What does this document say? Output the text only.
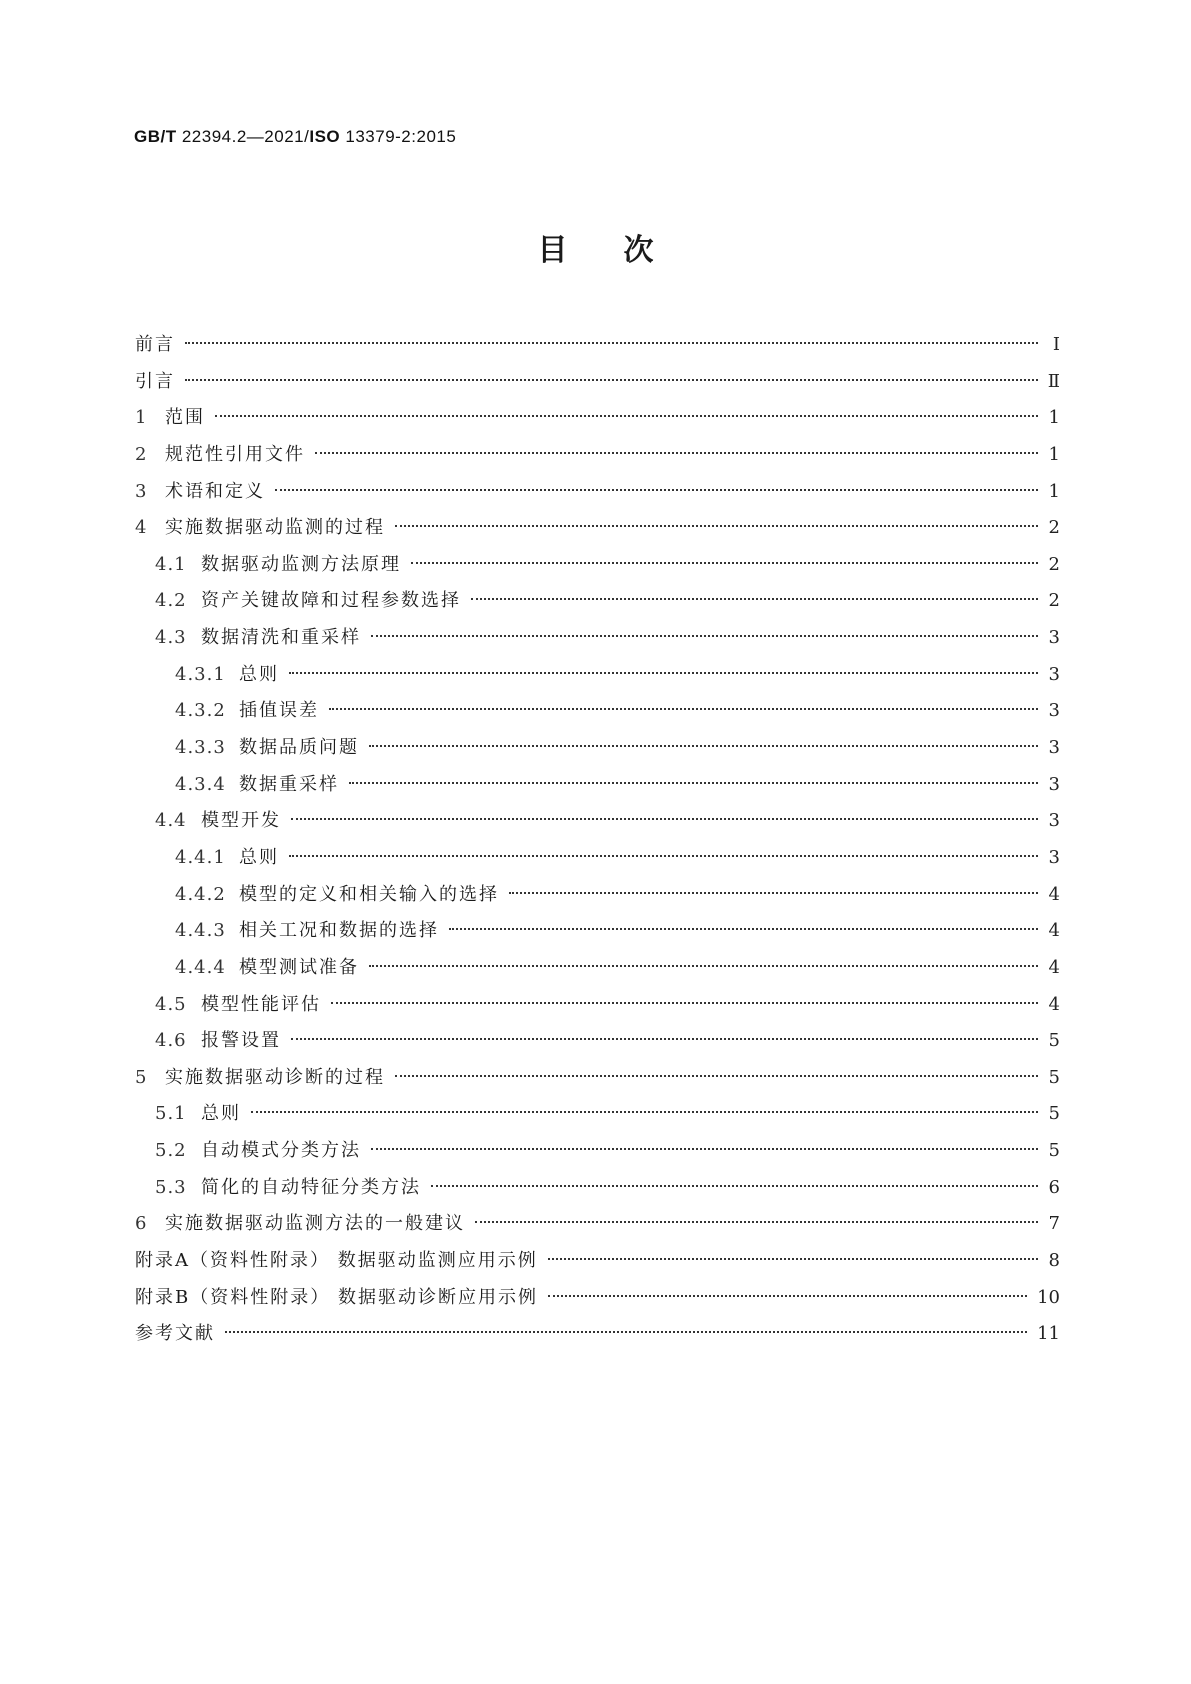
GB/T 22394.2—2021/ISO 13379-2:2015
目次
前言	Ⅰ
引言	Ⅱ
1 范围	1
2 规范性引用文件	1
3 术语和定义	1
4 实施数据驱动监测的过程	2
4.1 数据驱动监测方法原理	2
4.2 资产关键故障和过程参数选择	2
4.3 数据清洗和重采样	3
4.3.1 总则	3
4.3.2 插值误差	3
4.3.3 数据品质问题	3
4.3.4 数据重采样	3
4.4 模型开发	3
4.4.1 总则	3
4.4.2 模型的定义和相关输入的选择	4
4.4.3 相关工况和数据的选择	4
4.4.4 模型测试准备	4
4.5 模型性能评估	4
4.6 报警设置	5
5 实施数据驱动诊断的过程	5
5.1 总则	5
5.2 自动模式分类方法	5
5.3 简化的自动特征分类方法	6
6 实施数据驱动监测方法的一般建议	7
附录A（资料性附录） 数据驱动监测应用示例	8
附录B（资料性附录） 数据驱动诊断应用示例	10
参考文献	11
